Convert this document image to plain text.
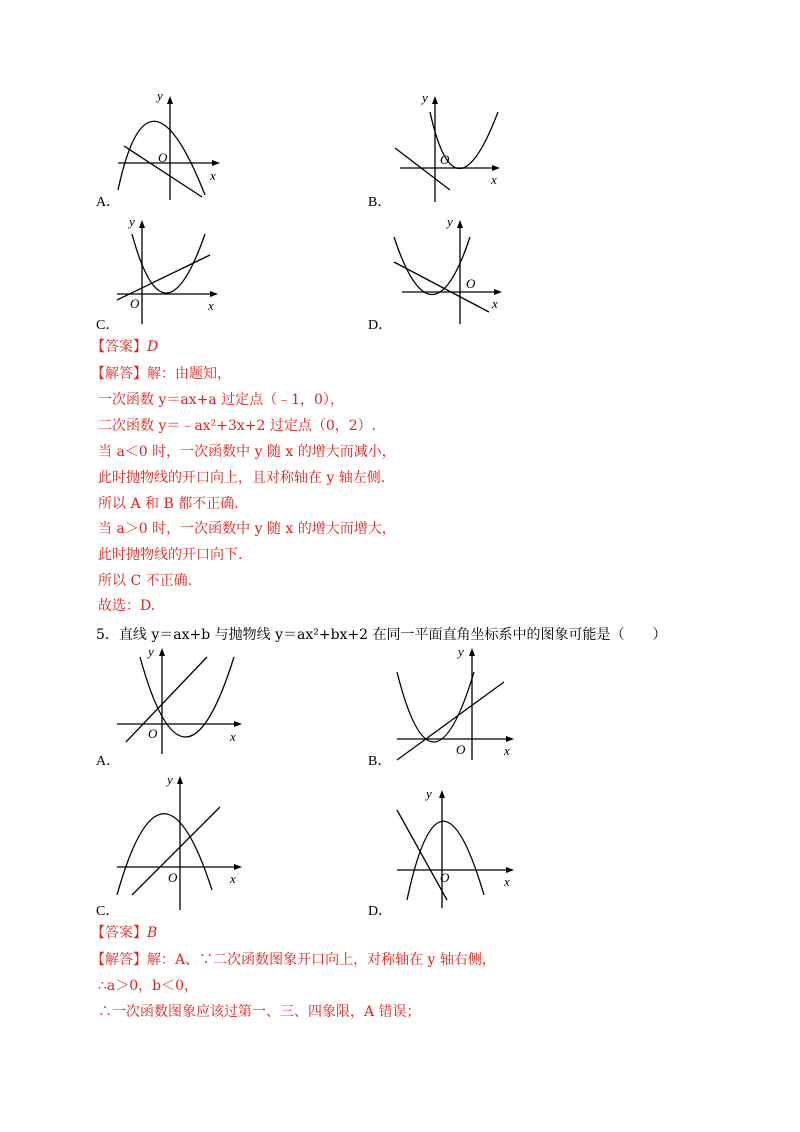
y
x
O
A．
y
x
O
B．
y
x
O
C．
y
x
O
D．
【答案】D
【解答】解：由题知，
一次函数 y＝ax+a 过定点（﹣1，0），
二次函数 y＝﹣ax²+3x+2 过定点（0，2）.
当 a＜0 时，一次函数中 y 随 x 的增大而减小，
此时抛物线的开口向上，且对称轴在 y 轴左侧.
所以 A 和 B 都不正确.
当 a＞0 时，一次函数中 y 随 x 的增大而增大，
此时抛物线的开口向下.
所以 C 不正确.
故选：D.
5．直线 y＝ax+b 与抛物线 y＝ax²+bx+2 在同一平面直角坐标系中的图象可能是（　　）
y
x
O
A．
y
x
O
B．
y
x
O
C．
y
x
O
D．
【答案】B
【解答】解：A、∵二次函数图象开口向上，对称轴在 y 轴右侧，
∴a＞0，b＜0，
∴一次函数图象应该过第一、三、四象限，A 错误；
